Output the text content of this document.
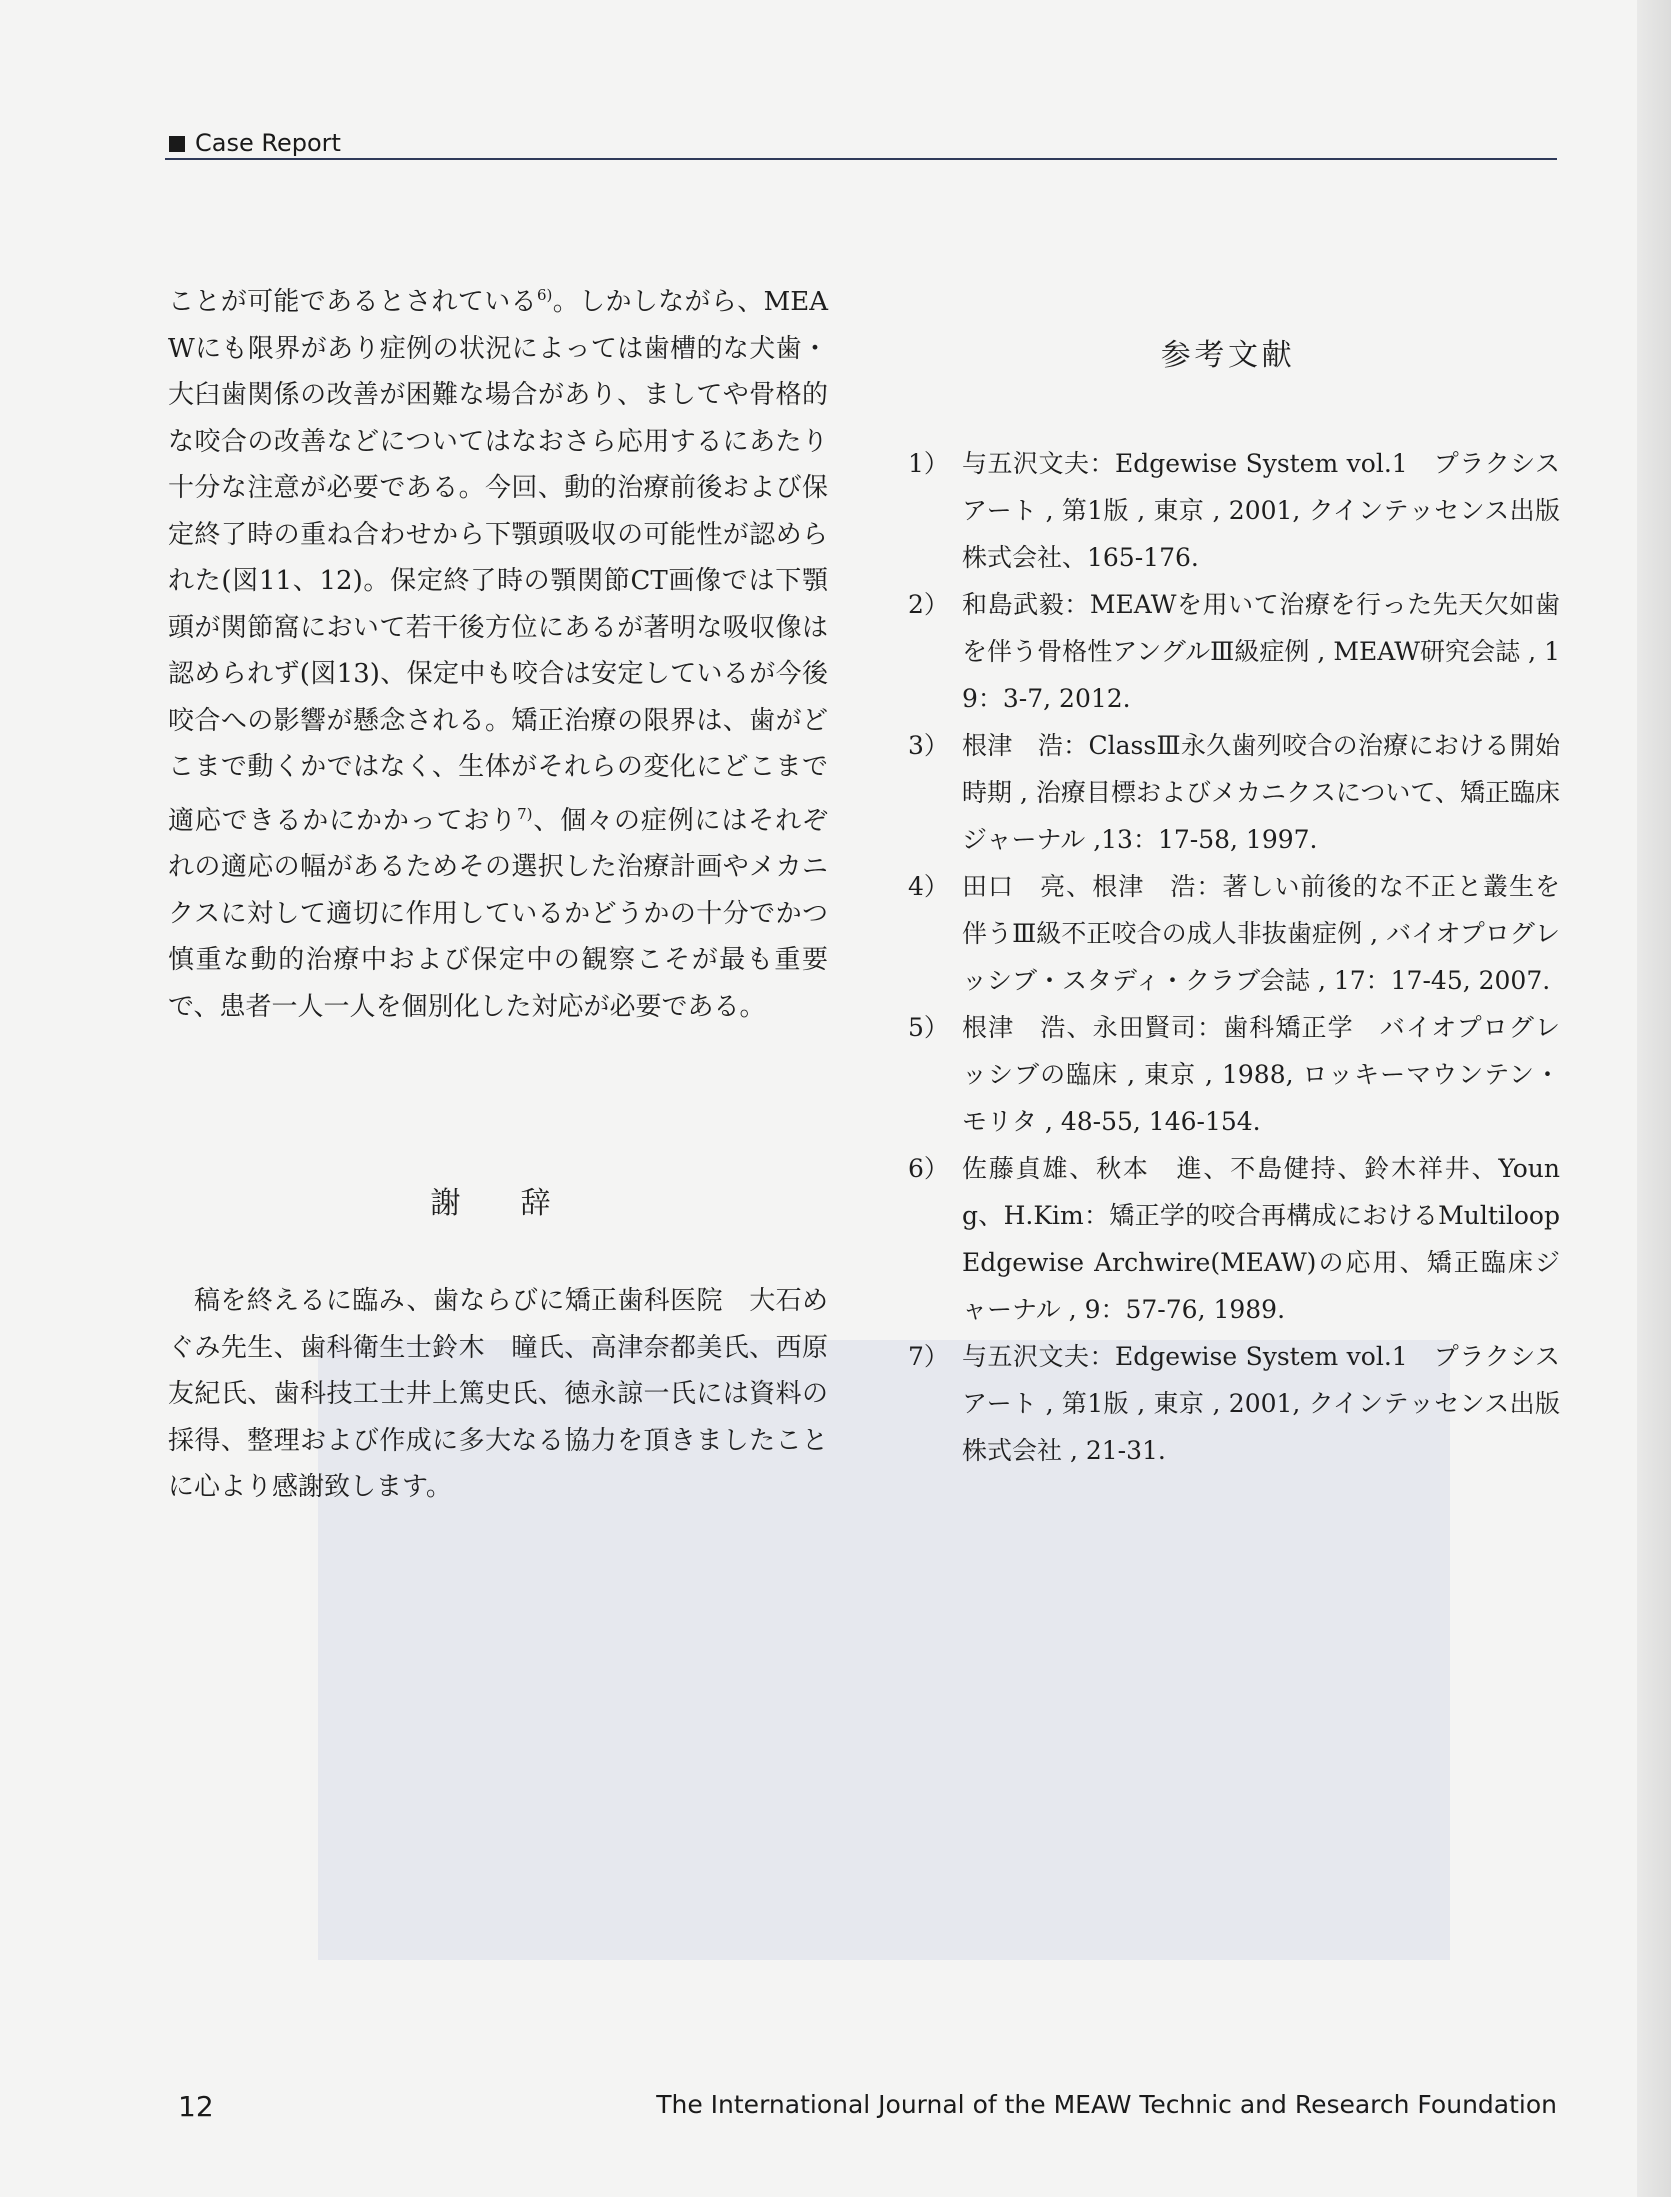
Case Report

ことが可能であるとされている$^{6)}$。しかしながら、MEAWにも限界があり症例の状況によっては歯槽的な犬歯・大臼歯関係の改善が困難な場合があり、ましてや骨格的な咬合の改善などについてはなおさら応用するにあたり十分な注意が必要である。今回、動的治療前後および保定終了時の重ね合わせから下顎頭吸収の可能性が認められた(図11、12)。保定終了時の顎関節CT画像では下顎頭が関節窩において若干後方位にあるが著明な吸収像は認められず(図13)、保定中も咬合は安定しているが今後咬合への影響が懸念される。矯正治療の限界は、歯がどこまで動くかではなく、生体がそれらの変化にどこまで適応できるかにかかっており$^{7)}$、個々の症例にはそれぞれの適応の幅があるためその選択した治療計画やメカニクスに対して適切に作用しているかどうかの十分でかつ慎重な動的治療中および保定中の観察こそが最も重要で、患者一人一人を個別化した対応が必要である。

謝　辞

稿を終えるに臨み、歯ならびに矯正歯科医院　大石めぐみ先生、歯科衛生士鈴木　瞳氏、高津奈都美氏、西原友紀氏、歯科技工士井上篤史氏、徳永諒一氏には資料の採得、整理および作成に多大なる協力を頂きましたことに心より感謝致します。

参考文献
1） 与五沢文夫：Edgewise System vol.1　プラクシスアート , 第1版 , 東京 , 2001, クインテッセンス出版株式会社、165-176.
2） 和島武毅：MEAWを用いて治療を行った先天欠如歯を伴う骨格性アングルⅢ級症例 , MEAW研究会誌 , 19：3-7, 2012.
3） 根津　浩：ClassⅢ永久歯列咬合の治療における開始時期 , 治療目標およびメカニクスについて、矯正臨床ジャーナル ,13：17-58, 1997.
4） 田口　亮、根津　浩：著しい前後的な不正と叢生を伴うⅢ級不正咬合の成人非抜歯症例 , バイオプログレッシブ・スタディ・クラブ会誌 , 17：17-45, 2007.
5） 根津　浩、永田賢司：歯科矯正学　バイオプログレッシブの臨床 , 東京 , 1988, ロッキーマウンテン・モリタ , 48-55, 146-154.
6） 佐藤貞雄、秋本　進、不島健持、鈴木祥井、Young、H.Kim：矯正学的咬合再構成におけるMultiloop Edgewise Archwire(MEAW)の応用、矯正臨床ジャーナル , 9：57-76, 1989.
7） 与五沢文夫：Edgewise System vol.1　プラクシスアート , 第1版 , 東京 , 2001, クインテッセンス出版株式会社 , 21-31.
12	The International Journal of the MEAW Technic and Research Foundation
